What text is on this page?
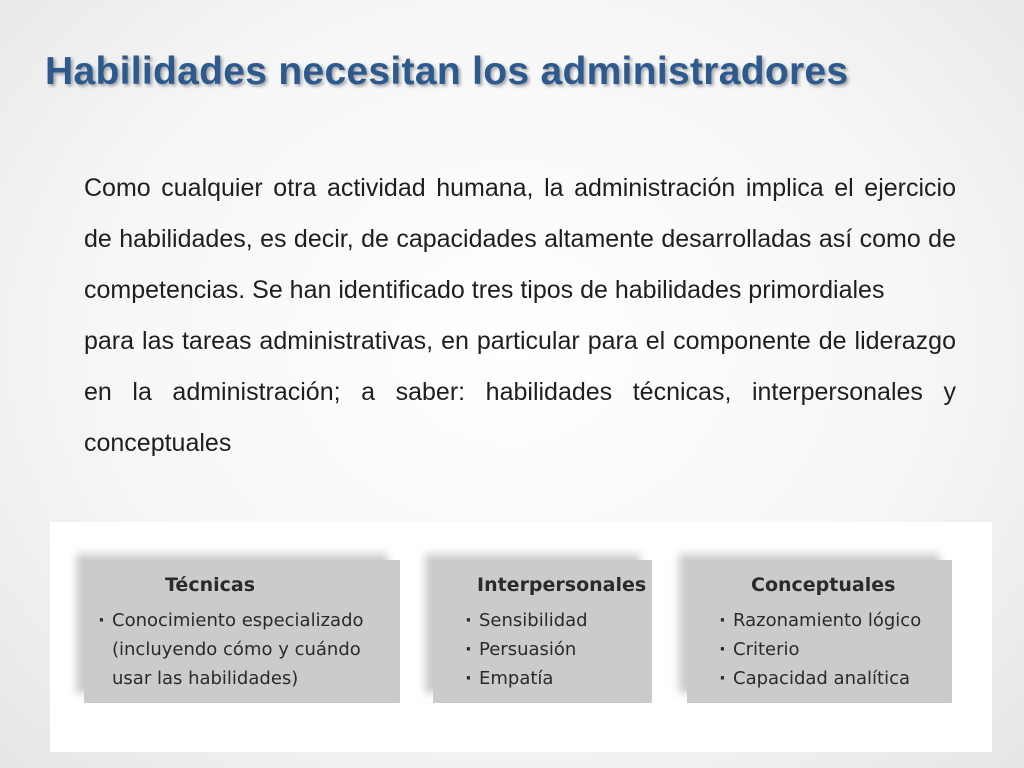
Habilidades necesitan los administradores

Como cualquier otra actividad humana, la administración implica el ejercicio de habilidades, es decir, de capacidades altamente desarrolladas así como de competencias. Se han identificado tres tipos de habilidades primordiales

para las tareas administrativas, en particular para el componente de liderazgo en la administración; a saber: habilidades técnicas, interpersonales y conceptuales

Técnicas
· Conocimiento especializado (incluyendo cómo y cuándo usar las habilidades)
Interpersonales
· Sensibilidad
· Persuasión
· Empatía
Conceptuales
· Razonamiento lógico
· Criterio
· Capacidad analítica
